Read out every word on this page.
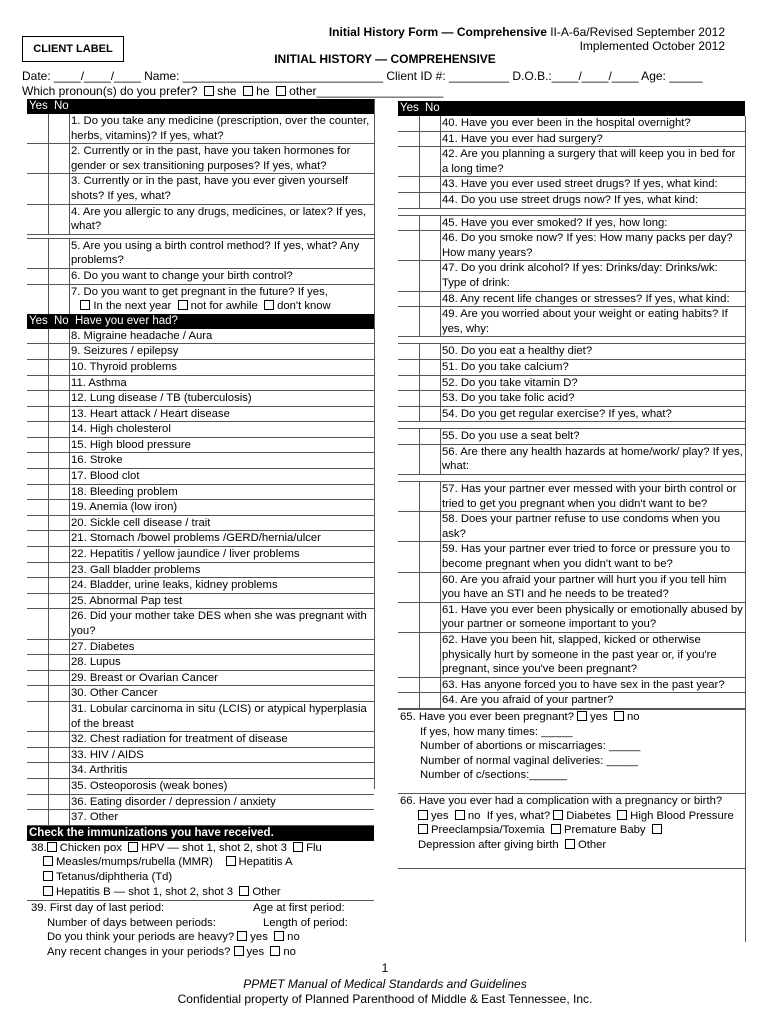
CLIENT LABEL
Initial History Form — Comprehensive II-A-6a/Revised September 2012
Implemented October 2012
INITIAL HISTORY — COMPREHENSIVE
Date: ____/____/____ Name: ______________________________ Client ID #: _________ D.O.B.:____/____/____ Age: _____
Which pronoun(s) do you prefer? she he other___________________
Yes No
1. Do you take any medicine (prescription, over the counter, herbs, vitamins)? If yes, what?
2. Currently or in the past, have you taken hormones for gender or sex transitioning purposes? If yes, what?
3. Currently or in the past, have you ever given yourself shots? If yes, what?
4. Are you allergic to any drugs, medicines, or latex? If yes, what?
5. Are you using a birth control method? If yes, what? Any problems?
6. Do you want to change your birth control?
7. Do you want to get pregnant in the future? If yes,
In the next year not for awhile don't know
Yes No Have you ever had?
8. Migraine headache / Aura
9. Seizures / epilepsy
10. Thyroid problems
11. Asthma
12. Lung disease / TB (tuberculosis)
13. Heart attack / Heart disease
14. High cholesterol
15. High blood pressure
16. Stroke
17. Blood clot
18. Bleeding problem
19. Anemia (low iron)
20. Sickle cell disease / trait
21. Stomach /bowel problems /GERD/hernia/ulcer
22. Hepatitis / yellow jaundice / liver problems
23. Gall bladder problems
24. Bladder, urine leaks, kidney problems
25. Abnormal Pap test
26. Did your mother take DES when she was pregnant with you?
27. Diabetes
28. Lupus
29. Breast or Ovarian Cancer
30. Other Cancer
31. Lobular carcinoma in situ (LCIS) or atypical hyperplasia of the breast
32. Chest radiation for treatment of disease
33. HIV / AIDS
34. Arthritis
35. Osteoporosis (weak bones)
36. Eating disorder / depression / anxiety
37. Other
Check the immunizations you have received.
38. Chicken pox HPV — shot 1, shot 2, shot 3 Flu
Measles/mumps/rubella (MMR) Hepatitis A
Tetanus/diphtheria (Td)
Hepatitis B — shot 1, shot 2, shot 3 Other
39. First day of last period:	Age at first period:
Number of days between periods:	Length of period:
Do you think your periods are heavy? yes no
Any recent changes in your periods? yes no
Yes No
40. Have you ever been in the hospital overnight?
41. Have you ever had surgery?
42. Are you planning a surgery that will keep you in bed for a long time?
43. Have you ever used street drugs? If yes, what kind:
44. Do you use street drugs now? If yes, what kind:
45. Have you ever smoked? If yes, how long:
46. Do you smoke now? If yes: How many packs per day? How many years?
47. Do you drink alcohol? If yes: Drinks/day: Drinks/wk: Type of drink:
48. Any recent life changes or stresses? If yes, what kind:
49. Are you worried about your weight or eating habits? If yes, why:
50. Do you eat a healthy diet?
51. Do you take calcium?
52. Do you take vitamin D?
53. Do you take folic acid?
54. Do you get regular exercise? If yes, what?
55. Do you use a seat belt?
56. Are there any health hazards at home/work/ play? If yes, what:
57. Has your partner ever messed with your birth control or tried to get you pregnant when you didn't want to be?
58. Does your partner refuse to use condoms when you ask?
59. Has your partner ever tried to force or pressure you to become pregnant when you didn't want to be?
60. Are you afraid your partner will hurt you if you tell him you have an STI and he needs to be treated?
61. Have you ever been physically or emotionally abused by your partner or someone important to you?
62. Have you been hit, slapped, kicked or otherwise physically hurt by someone in the past year or, if you're pregnant, since you've been pregnant?
63. Has anyone forced you to have sex in the past year?
64. Are you afraid of your partner?
65. Have you ever been pregnant? yes no
If yes, how many times: _____
Number of abortions or miscarriages: _____
Number of normal vaginal deliveries: _____
Number of c/sections:______
66. Have you ever had a complication with a pregnancy or birth?
yes no If yes, what? Diabetes High Blood Pressure
Preeclampsia/Toxemia Premature Baby
Depression after giving birth Other
1
PPMET Manual of Medical Standards and Guidelines
Confidential property of Planned Parenthood of Middle & East Tennessee, Inc.
